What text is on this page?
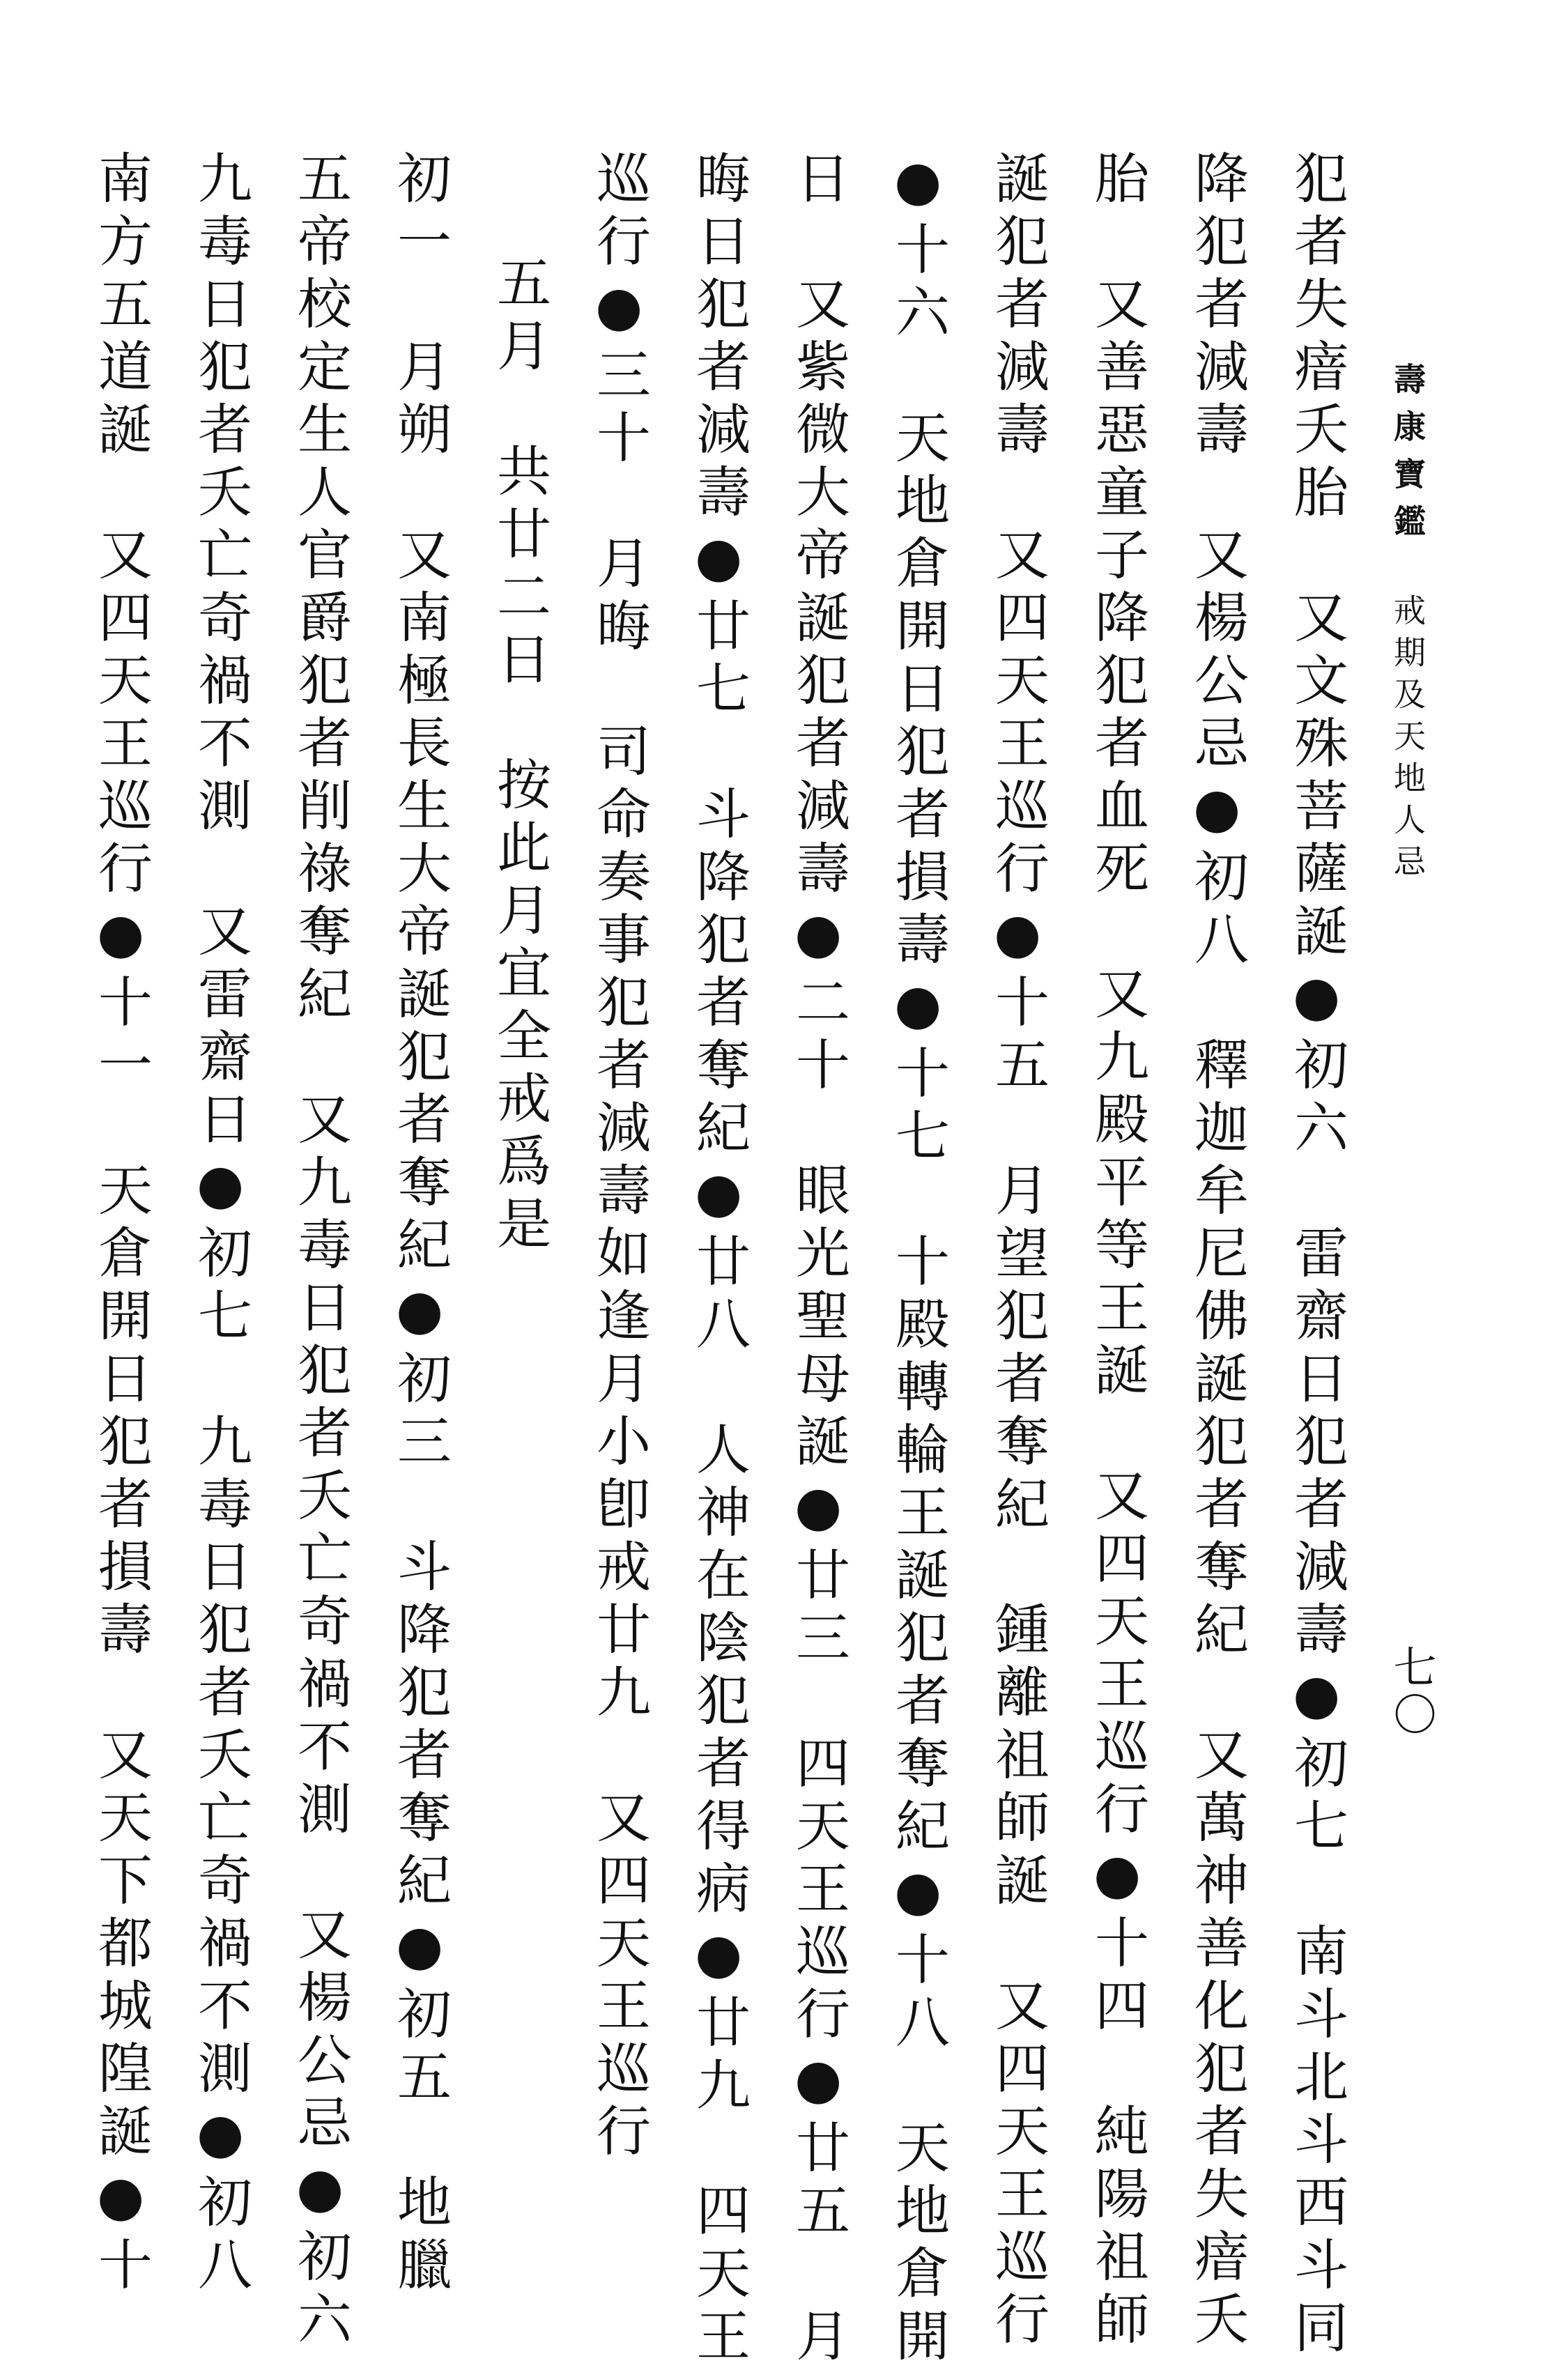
壽康寶鑑
戒期及天地人忌
七〇

犯者失瘖夭胎　又文殊菩薩誕●初六　雷齋日犯者減壽●初七　南斗北斗西斗同

降犯者減壽　又楊公忌●初八　釋迦牟尼佛誕犯者奪紀　又萬神善化犯者失瘖夭

胎　又善惡童子降犯者血死　又九殿平等王誕　又四天王巡行●十四　純陽祖師

誕犯者減壽　又四天王巡行●十五　月望犯者奪紀　鍾離祖師誕　又四天王巡行

●十六　天地倉開日犯者損壽●十七　十殿轉輪王誕犯者奪紀●十八　天地倉開

日　又紫微大帝誕犯者減壽●二十　眼光聖母誕●廿三　四天王巡行●廿五　月

晦日犯者減壽●廿七　斗降犯者奪紀●廿八　人神在陰犯者得病●廿九　四天王

巡行●三十　月晦　司命奏事犯者減壽如逢月小卽戒廿九　又四天王巡行

五月　共廿二日　按此月宜全戒爲是

初一　月朔　又南極長生大帝誕犯者奪紀●初三　斗降犯者奪紀●初五　地臘

五帝校定生人官爵犯者削祿奪紀　又九毒日犯者夭亡奇禍不測　又楊公忌●初六

九毒日犯者夭亡奇禍不測　又雷齋日●初七　九毒日犯者夭亡奇禍不測●初八

南方五道誕　又四天王巡行●十一　天倉開日犯者損壽　又天下都城隍誕●十
